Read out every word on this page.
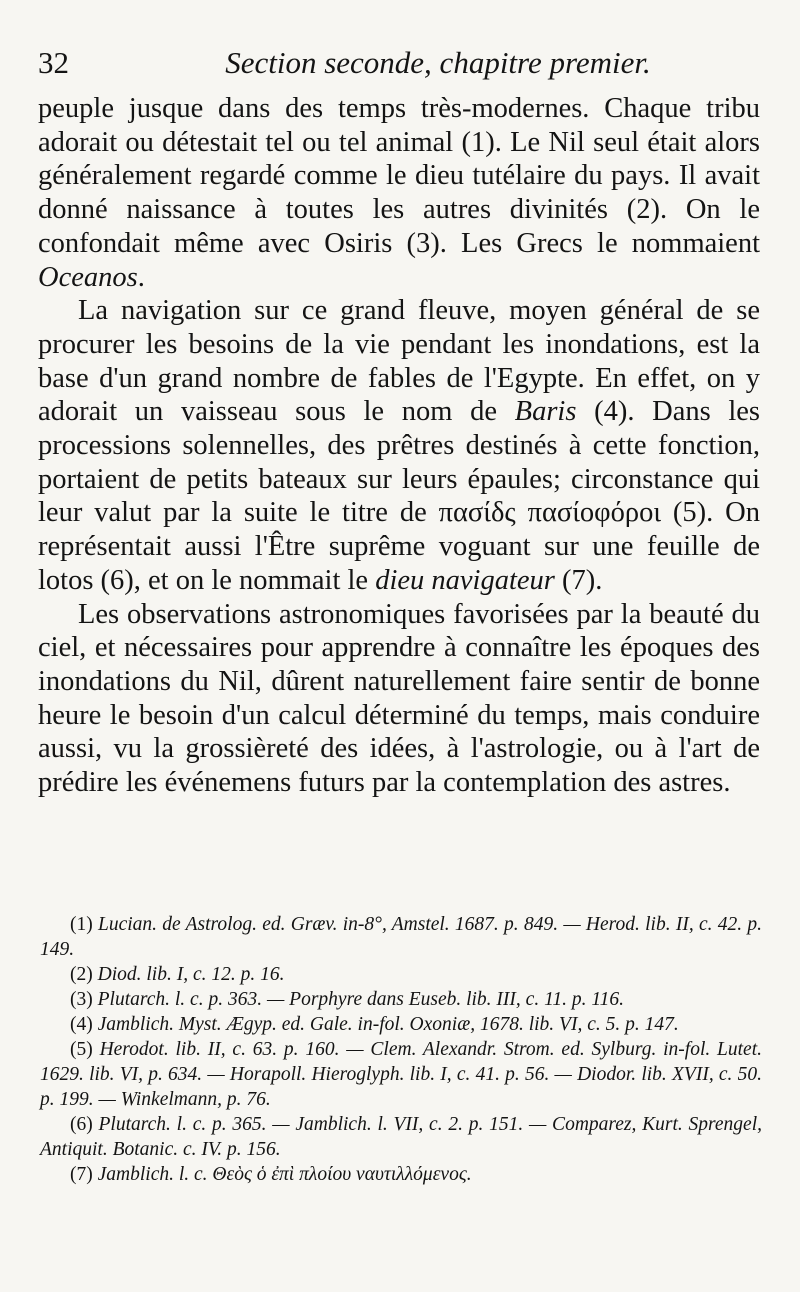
32	Section seconde, chapitre premier.

peuple jusque dans des temps très-modernes. Chaque tribu adorait ou détestait tel ou tel animal (1). Le Nil seul était alors généralement regardé comme le dieu tutélaire du pays. Il avait donné naissance à toutes les autres divinités (2). On le confondait même avec Osiris (3). Les Grecs le nommaient Oceanos.

La navigation sur ce grand fleuve, moyen général de se procurer les besoins de la vie pendant les inondations, est la base d'un grand nombre de fables de l'Egypte. En effet, on y adorait un vaisseau sous le nom de Baris (4). Dans les processions solennelles, des prêtres destinés à cette fonction, portaient de petits bateaux sur leurs épaules; circonstance qui leur valut par la suite le titre de πασίδς πασίοφόροι (5). On représentait aussi l'Être suprême voguant sur une feuille de lotos (6), et on le nommait le dieu navigateur (7).

Les observations astronomiques favorisées par la beauté du ciel, et nécessaires pour apprendre à connaître les époques des inondations du Nil, dûrent naturellement faire sentir de bonne heure le besoin d'un calcul déterminé du temps, mais conduire aussi, vu la grossièreté des idées, à l'astrologie, ou à l'art de prédire les événemens futurs par la contemplation des astres.

(1) Lucian. de Astrolog. ed. Græv. in-8°, Amstel. 1687. p. 849. — Herod. lib. II, c. 42. p. 149.

(2) Diod. lib. I, c. 12. p. 16.

(3) Plutarch. l. c. p. 363. — Porphyre dans Euseb. lib. III, c. 11. p. 116.

(4) Jamblich. Myst. Ægyp. ed. Gale. in-fol. Oxoniæ, 1678. lib. VI, c. 5. p. 147.

(5) Herodot. lib. II, c. 63. p. 160. — Clem. Alexandr. Strom. ed. Sylburg. in-fol. Lutet. 1629. lib. VI, p. 634. — Horapoll. Hieroglyph. lib. I, c. 41. p. 56. — Diodor. lib. XVII, c. 50. p. 199. — Winkelmann, p. 76.

(6) Plutarch. l. c. p. 365. — Jamblich. l. VII, c. 2. p. 151. — Comparez, Kurt. Sprengel, Antiquit. Botanic. c. IV. p. 156.

(7) Jamblich. l. c. Θεὸς ὁ ἐπὶ πλοίου ναυτιλλόμενος.
